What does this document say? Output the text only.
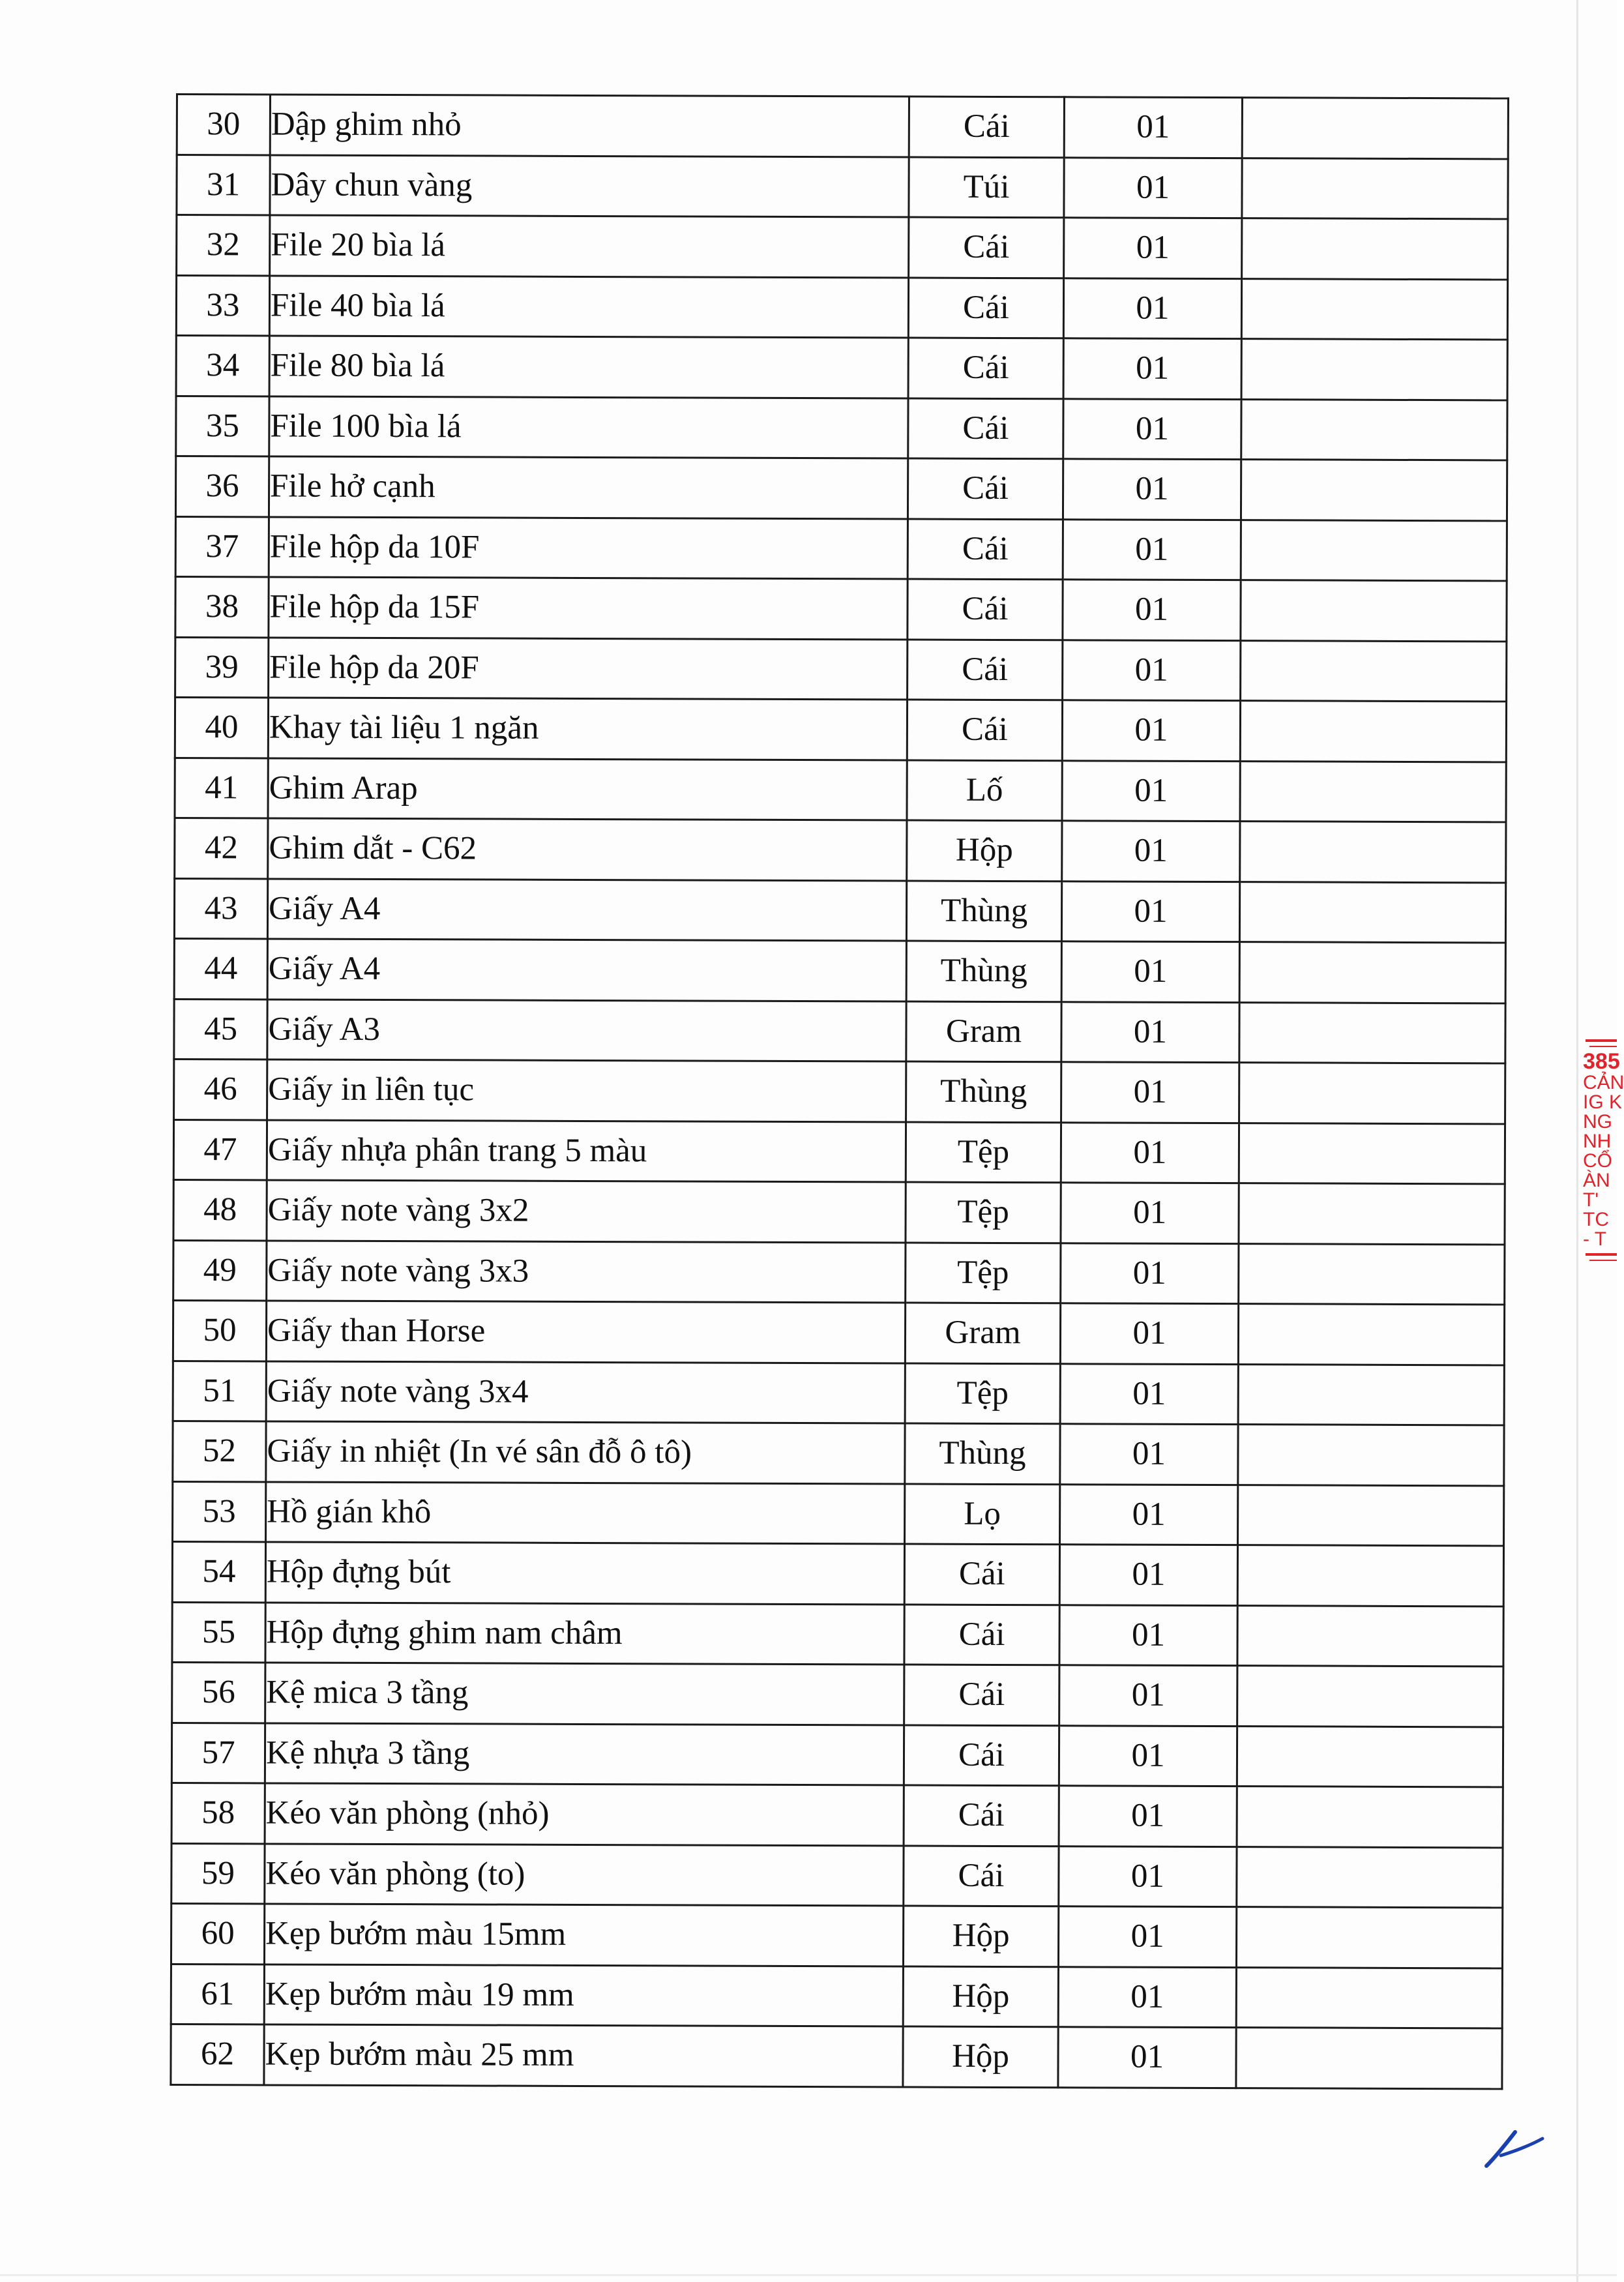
30	Dập ghim nhỏ	Cái	01	
31	Dây chun vàng	Túi	01	
32	File 20 bìa lá	Cái	01	
33	File 40 bìa lá	Cái	01	
34	File 80 bìa lá	Cái	01	
35	File 100 bìa lá	Cái	01	
36	File hở cạnh	Cái	01	
37	File hộp da 10F	Cái	01	
38	File hộp da 15F	Cái	01	
39	File hộp da 20F	Cái	01	
40	Khay tài liệu 1 ngăn	Cái	01	
41	Ghim Arap	Lố	01	
42	Ghim dắt - C62	Hộp	01	
43	Giấy A4	Thùng	01	
44	Giấy A4	Thùng	01	
45	Giấy A3	Gram	01	
46	Giấy in liên tục	Thùng	01	
47	Giấy nhựa phân trang 5 màu	Tệp	01	
48	Giấy note vàng 3x2	Tệp	01	
49	Giấy note vàng 3x3	Tệp	01	
50	Giấy than Horse	Gram	01	
51	Giấy note vàng 3x4	Tệp	01	
52	Giấy in nhiệt (In vé sân đỗ ô tô)	Thùng	01	
53	Hồ gián khô	Lọ	01	
54	Hộp đựng bút	Cái	01	
55	Hộp đựng ghim nam châm	Cái	01	
56	Kệ mica 3 tầng	Cái	01	
57	Kệ nhựa 3 tầng	Cái	01	
58	Kéo văn phòng (nhỏ)	Cái	01	
59	Kéo văn phòng (to)	Cái	01	
60	Kẹp bướm màu 15mm	Hộp	01	
61	Kẹp bướm màu 19 mm	Hộp	01	
62	Kẹp bướm màu 25 mm	Hộp	01	
385
CẢN
IG K
NG
NH
CỔ
ÀN
T'
TC
- T
